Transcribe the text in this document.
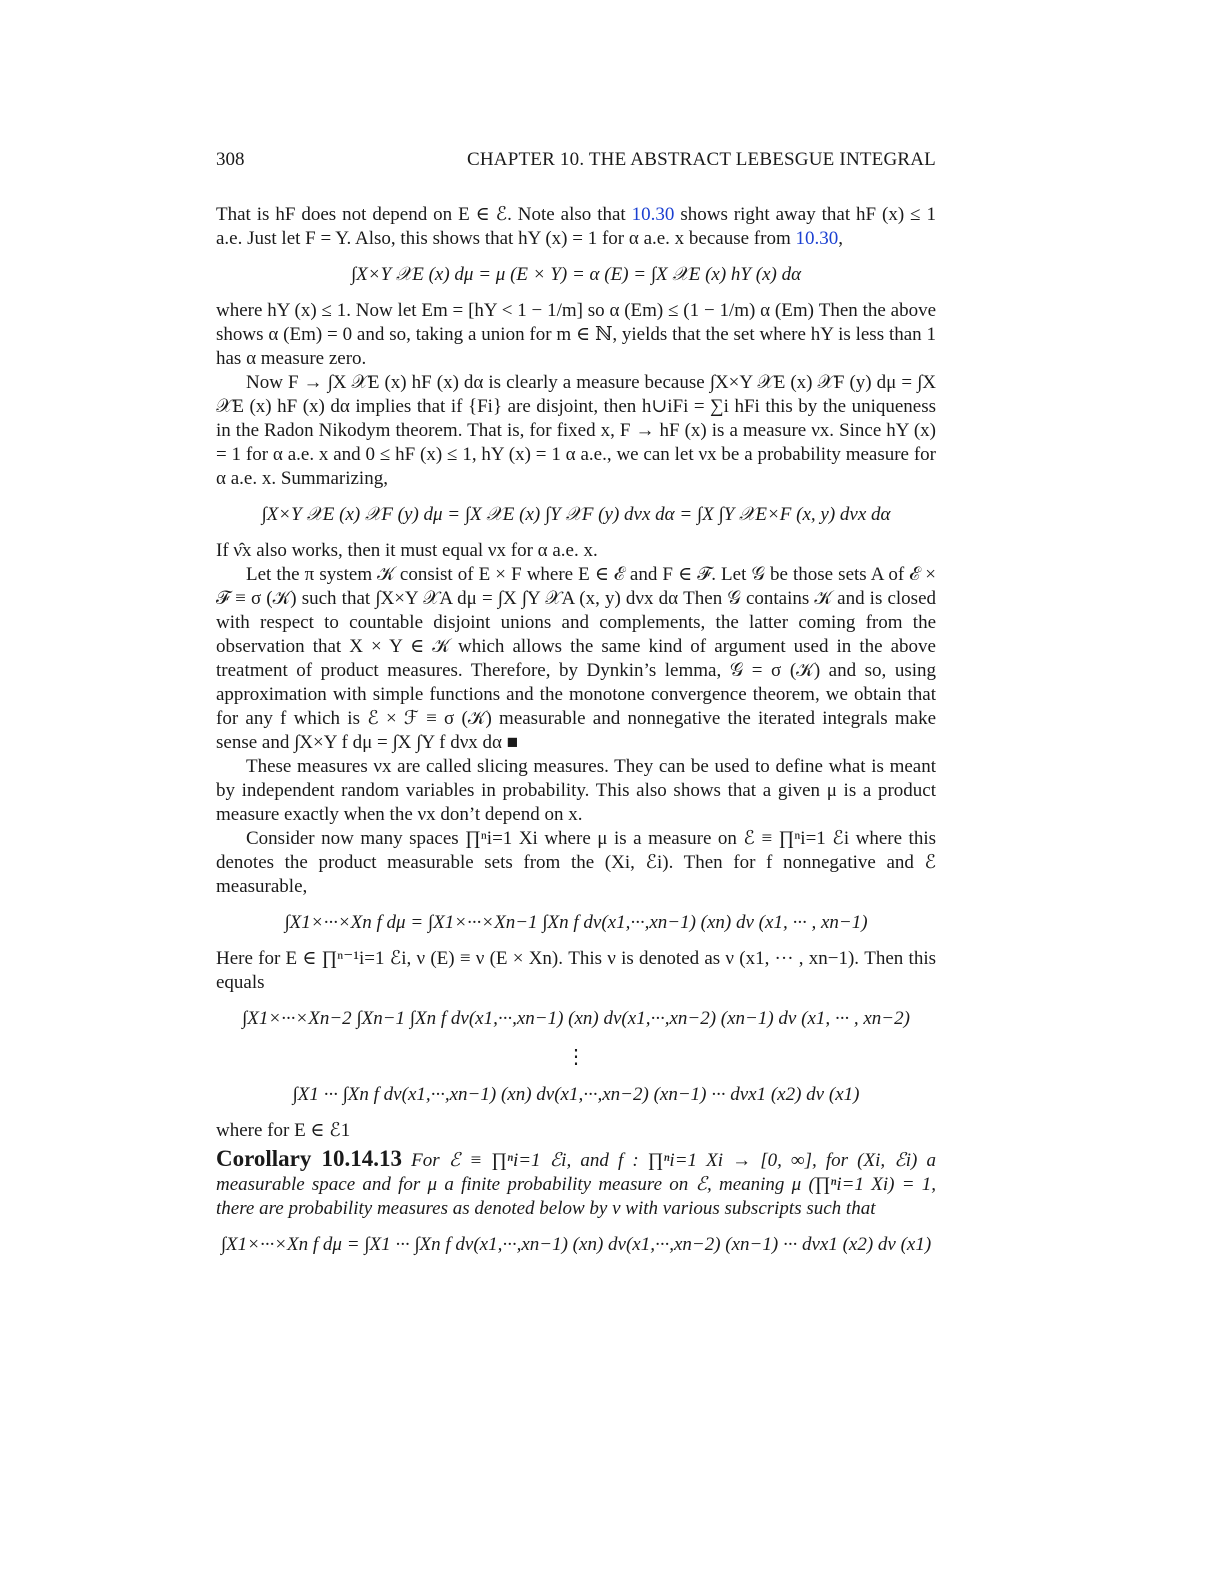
308	CHAPTER 10. THE ABSTRACT LEBESGUE INTEGRAL

That is hF does not depend on E ∈ ℰ. Note also that 10.30 shows right away that hF (x) ≤ 1 a.e. Just let F = Y. Also, this shows that hY (x) = 1 for α a.e. x because from 10.30,

∫X×Y 𝒳E (x) dμ = μ (E × Y) = α (E) = ∫X 𝒳E (x) hY (x) dα

where hY (x) ≤ 1. Now let Em = [hY < 1 − 1/m] so α (Em) ≤ (1 − 1/m) α (Em) Then the above shows α (Em) = 0 and so, taking a union for m ∈ ℕ, yields that the set where hY is less than 1 has α measure zero.

Now F → ∫X 𝒳E (x) hF (x) dα is clearly a measure because ∫X×Y 𝒳E (x) 𝒳F (y) dμ = ∫X 𝒳E (x) hF (x) dα implies that if {Fi} are disjoint, then h∪iFi = ∑i hFi this by the uniqueness in the Radon Nikodym theorem. That is, for fixed x, F → hF (x) is a measure νx. Since hY (x) = 1 for α a.e. x and 0 ≤ hF (x) ≤ 1, hY (x) = 1 α a.e., we can let νx be a probability measure for α a.e. x. Summarizing,

∫X×Y 𝒳E (x) 𝒳F (y) dμ = ∫X 𝒳E (x) ∫Y 𝒳F (y) dνx dα = ∫X ∫Y 𝒳E×F (x, y) dνx dα

If ν̂x also works, then it must equal νx for α a.e. x.

Let the π system 𝒦 consist of E × F where E ∈ ℰ and F ∈ ℱ. Let 𝒢 be those sets A of ℰ × ℱ ≡ σ (𝒦) such that ∫X×Y 𝒳A dμ = ∫X ∫Y 𝒳A (x, y) dνx dα Then 𝒢 contains 𝒦 and is closed with respect to countable disjoint unions and complements, the latter coming from the observation that X × Y ∈ 𝒦 which allows the same kind of argument used in the above treatment of product measures. Therefore, by Dynkin’s lemma, 𝒢 = σ (𝒦) and so, using approximation with simple functions and the monotone convergence theorem, we obtain that for any f which is ℰ × ℱ ≡ σ (𝒦) measurable and nonnegative the iterated integrals make sense and ∫X×Y f dμ = ∫X ∫Y f dνx dα ■

These measures νx are called slicing measures. They can be used to define what is meant by independent random variables in probability. This also shows that a given μ is a product measure exactly when the νx don’t depend on x.

Consider now many spaces ∏ⁿi=1 Xi where μ is a measure on ℰ ≡ ∏ⁿi=1 ℰi where this denotes the product measurable sets from the (Xi, ℰi). Then for f nonnegative and ℰ measurable,

∫X1×···×Xn f dμ = ∫X1×···×Xn−1 ∫Xn f dν(x1,···,xn−1) (xn) dν (x1, ··· , xn−1)

Here for E ∈ ∏ⁿ⁻¹i=1 ℰi, ν (E) ≡ ν (E × Xn). This ν is denoted as ν (x1, ··· , xn−1). Then this equals

∫X1×···×Xn−2 ∫Xn−1 ∫Xn f dν(x1,···,xn−1) (xn) dν(x1,···,xn−2) (xn−1) dν (x1, ··· , xn−2)
⋮
∫X1 ··· ∫Xn f dν(x1,···,xn−1) (xn) dν(x1,···,xn−2) (xn−1) ··· dνx1 (x2) dν (x1)

where for E ∈ ℰ1

Corollary 10.14.13 For ℰ ≡ ∏ⁿi=1 ℰi, and f : ∏ⁿi=1 Xi → [0, ∞], for (Xi, ℰi) a measurable space and for μ a finite probability measure on ℰ, meaning μ (∏ⁿi=1 Xi) = 1, there are probability measures as denoted below by ν with various subscripts such that

∫X1×···×Xn f dμ = ∫X1 ··· ∫Xn f dν(x1,···,xn−1) (xn) dν(x1,···,xn−2) (xn−1) ··· dνx1 (x2) dν (x1)
